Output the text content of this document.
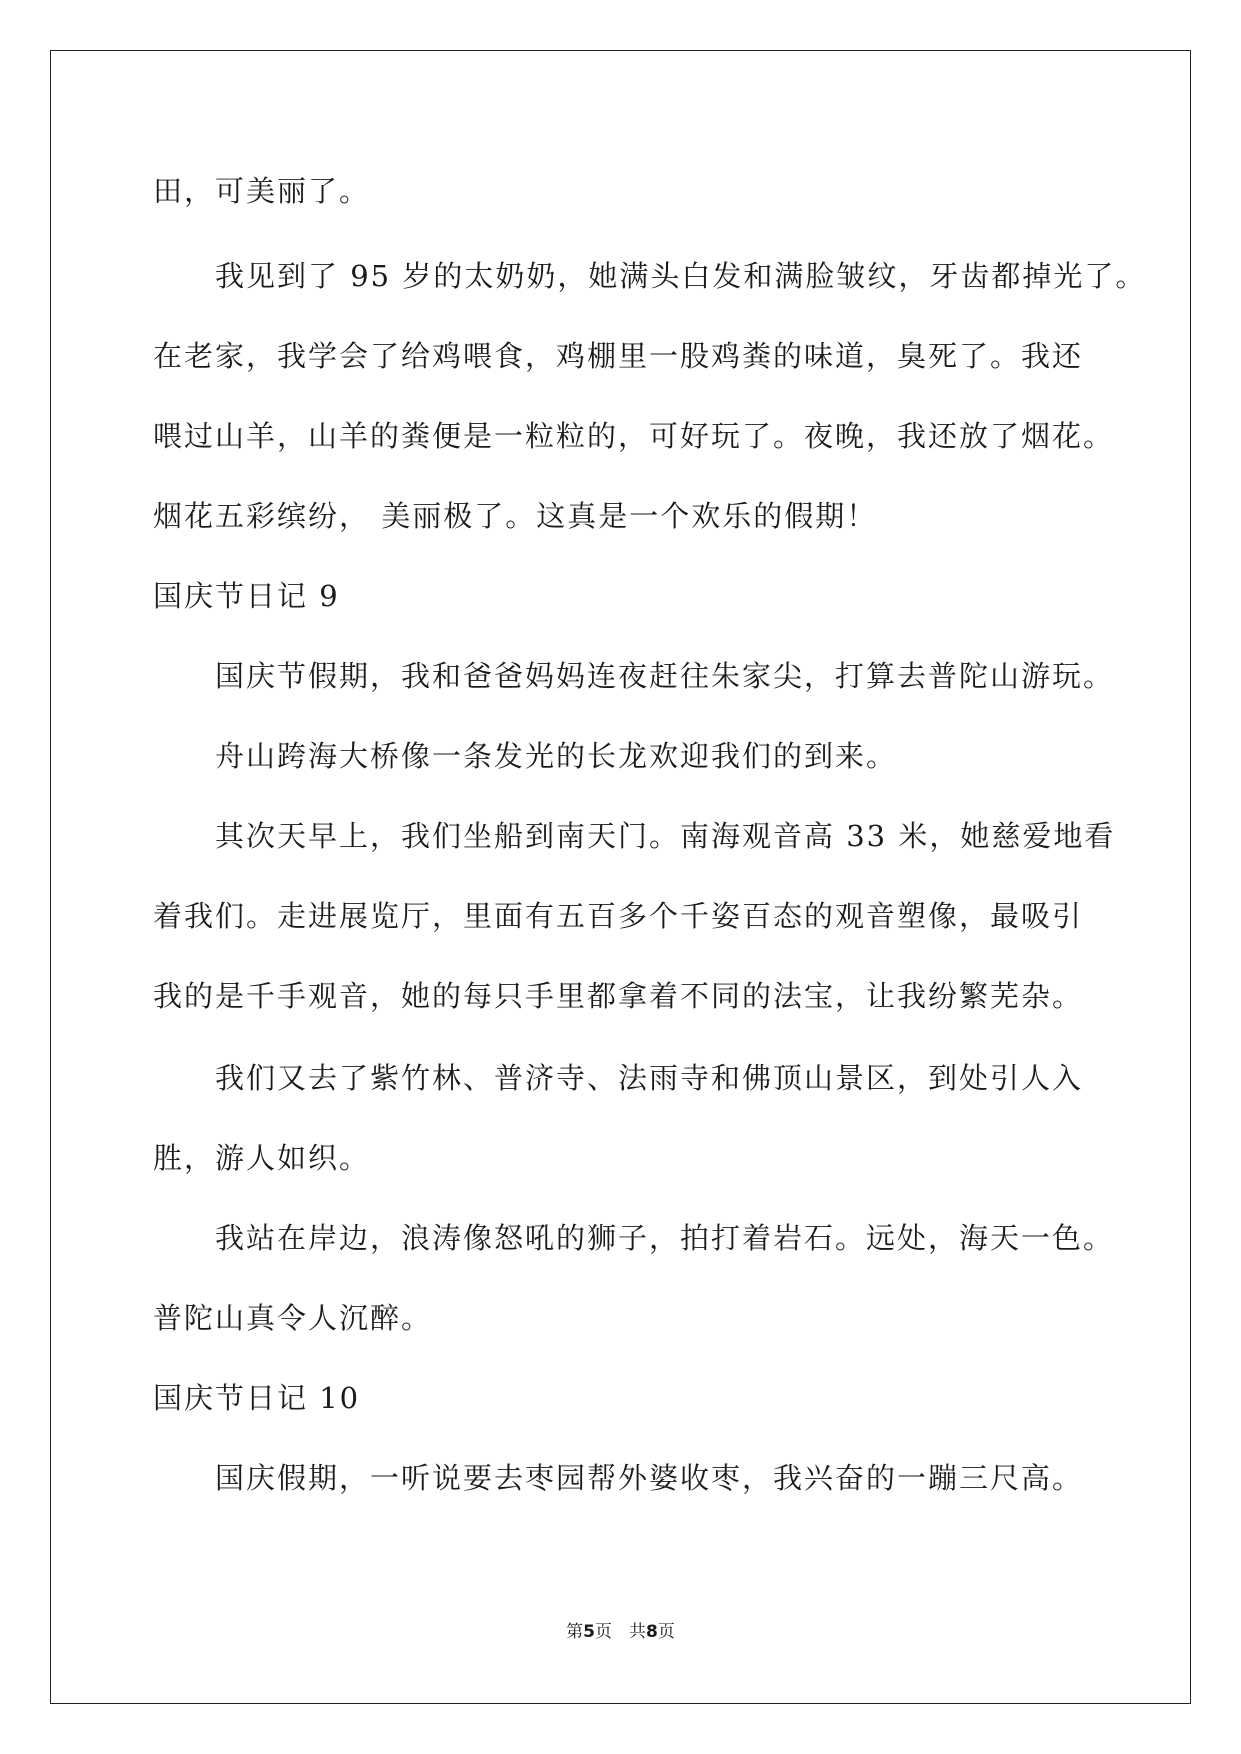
田，可美丽了。
我见到了 95 岁的太奶奶，她满头白发和满脸皱纹，牙齿都掉光了。
在老家，我学会了给鸡喂食，鸡棚里一股鸡粪的味道，臭死了。我还
喂过山羊，山羊的粪便是一粒粒的，可好玩了。夜晚，我还放了烟花。
烟花五彩缤纷， 美丽极了。这真是一个欢乐的假期！
国庆节日记 9
国庆节假期，我和爸爸妈妈连夜赶往朱家尖，打算去普陀山游玩。
舟山跨海大桥像一条发光的长龙欢迎我们的到来。
其次天早上，我们坐船到南天门。南海观音高 33 米，她慈爱地看
着我们。走进展览厅，里面有五百多个千姿百态的观音塑像，最吸引
我的是千手观音，她的每只手里都拿着不同的法宝，让我纷繁芜杂。
我们又去了紫竹林、普济寺、法雨寺和佛顶山景区，到处引人入
胜，游人如织。
我站在岸边，浪涛像怒吼的狮子，拍打着岩石。远处，海天一色。
普陀山真令人沉醉。
国庆节日记 10
国庆假期，一听说要去枣园帮外婆收枣，我兴奋的一蹦三尺高。
第5页　共8页
